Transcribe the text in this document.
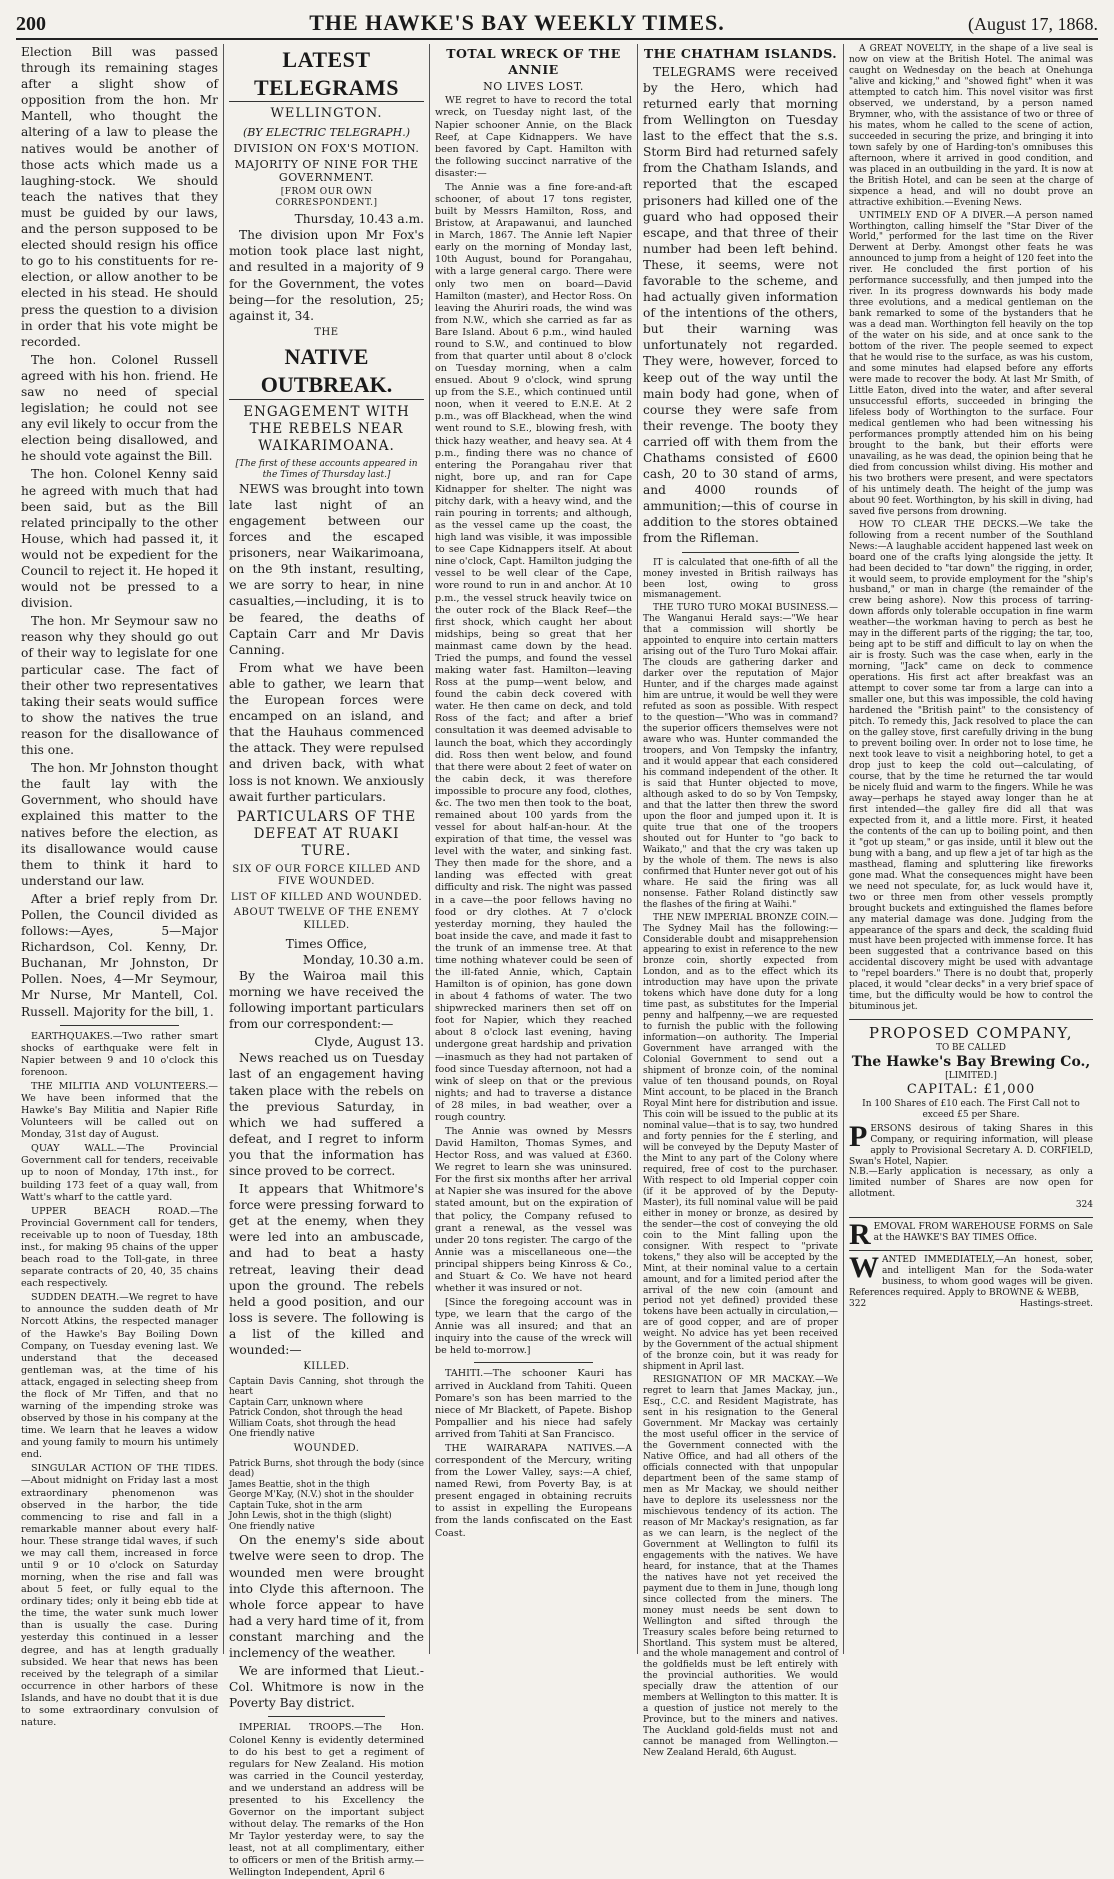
200	THE HAWKE'S BAY WEEKLY TIMES.	(August 17, 1868.

Election Bill was passed through its remaining stages after a slight show of opposition from the hon. Mr Mantell, who thought the altering of a law to please the natives would be another of those acts which made us a laughing-stock. We should teach the natives that they must be guided by our laws, and the person supposed to be elected should resign his office to go to his constituents for re-election, or allow another to be elected in his stead. He should press the question to a division in order that his vote might be recorded.

The hon. Colonel Russell agreed with his hon. friend. He saw no need of special legislation; he could not see any evil likely to occur from the election being disallowed, and he should vote against the Bill.

The hon. Colonel Kenny said he agreed with much that had been said, but as the Bill related principally to the other House, which had passed it, it would not be expedient for the Council to reject it. He hoped it would not be pressed to a division.

The hon. Mr Seymour saw no reason why they should go out of their way to legislate for one particular case. The fact of their other two representatives taking their seats would suffice to show the natives the true reason for the disallowance of this one.

The hon. Mr Johnston thought the fault lay with the Government, who should have explained this matter to the natives before the election, as its disallowance would cause them to think it hard to understand our law.

After a brief reply from Dr. Pollen, the Council divided as follows:—Ayes, 5—Major Richardson, Col. Kenny, Dr. Buchanan, Mr Johnston, Dr Pollen. Noes, 4—Mr Seymour, Mr Nurse, Mr Mantell, Col. Russell. Majority for the bill, 1.

EARTHQUAKES.—Two rather smart shocks of earthquake were felt in Napier between 9 and 10 o'clock this forenoon.

THE MILITIA AND VOLUNTEERS.—We have been informed that the Hawke's Bay Militia and Napier Rifle Volunteers will be called out on Monday, 31st day of August.

QUAY WALL.—The Provincial Government call for tenders, receivable up to noon of Monday, 17th inst., for building 173 feet of a quay wall, from Watt's wharf to the cattle yard.

UPPER BEACH ROAD.—The Provincial Government call for tenders, receivable up to noon of Tuesday, 18th inst., for making 95 chains of the upper beach road to the Toll-gate, in three separate contracts of 20, 40, 35 chains each respectively.

SUDDEN DEATH.—We regret to have to announce the sudden death of Mr Norcott Atkins, the respected manager of the Hawke's Bay Boiling Down Company, on Tuesday evening last. We understand that the deceased gentleman was, at the time of his attack, engaged in selecting sheep from the flock of Mr Tiffen, and that no warning of the impending stroke was observed by those in his company at the time. We learn that he leaves a widow and young family to mourn his untimely end.

SINGULAR ACTION OF THE TIDES.—About midnight on Friday last a most extraordinary phenomenon was observed in the harbor, the tide commencing to rise and fall in a remarkable manner about every half-hour. These strange tidal waves, if such we may call them, increased in force until 9 or 10 o'clock on Saturday morning, when the rise and fall was about 5 feet, or fully equal to the ordinary tides; only it being ebb tide at the time, the water sunk much lower than is usually the case. During yesterday this continued in a lesser degree, and has at length gradually subsided. We hear that news has been received by the telegraph of a similar occurrence in other harbors of these Islands, and have no doubt that it is due to some extraordinary convulsion of nature.

LATEST TELEGRAMS
WELLINGTON.
(BY ELECTRIC TELEGRAPH.)
DIVISION ON FOX'S MOTION.
MAJORITY OF NINE FOR THE GOVERNMENT.
[FROM OUR OWN CORRESPONDENT.]
Thursday, 10.43 a.m.

The division upon Mr Fox's motion took place last night, and resulted in a majority of 9 for the Government, the votes being—for the resolution, 25; against it, 34.

THE
NATIVE OUTBREAK.
ENGAGEMENT WITH THE REBELS NEAR WAIKARIMOANA.
[The first of these accounts appeared in the Times of Thursday last.]

NEWS was brought into town late last night of an engagement between our forces and the escaped prisoners, near Waikarimoana, on the 9th instant, resulting, we are sorry to hear, in nine casualties,—including, it is to be feared, the deaths of Captain Carr and Mr Davis Canning.

From what we have been able to gather, we learn that the European forces were encamped on an island, and that the Hauhaus commenced the attack. They were repulsed and driven back, with what loss is not known. We anxiously await further particulars.

PARTICULARS OF THE DEFEAT AT RUAKI TURE.
SIX OF OUR FORCE KILLED AND FIVE WOUNDED.
LIST OF KILLED AND WOUNDED.
ABOUT TWELVE OF THE ENEMY KILLED.
Times Office,
Monday, 10.30 a.m.

By the Wairoa mail this morning we have received the following important particulars from our correspondent:—

Clyde, August 13.

News reached us on Tuesday last of an engagement having taken place with the rebels on the previous Saturday, in which we had suffered a defeat, and I regret to inform you that the information has since proved to be correct.

It appears that Whitmore's force were pressing forward to get at the enemy, when they were led into an ambuscade, and had to beat a hasty retreat, leaving their dead upon the ground. The rebels held a good position, and our loss is severe. The following is a list of the killed and wounded:—

KILLED.
Captain Davis Canning, shot through the heart
Captain Carr, unknown where
Patrick Condon, shot through the head
William Coats, shot through the head
One friendly native
WOUNDED.
Patrick Burns, shot through the body (since dead)
James Beattie, shot in the thigh
George M'Kay, (N.V.) shot in the shoulder
Captain Tuke, shot in the arm
John Lewis, shot in the thigh (slight)
One friendly native

On the enemy's side about twelve were seen to drop. The wounded men were brought into Clyde this afternoon. The whole force appear to have had a very hard time of it, from constant marching and the inclemency of the weather.

We are informed that Lieut.-Col. Whitmore is now in the Poverty Bay district.

IMPERIAL TROOPS.—The Hon. Colonel Kenny is evidently determined to do his best to get a regiment of regulars for New Zealand. His motion was carried in the Council yesterday, and we understand an address will be presented to his Excellency the Governor on the important subject without delay. The remarks of the Hon Mr Taylor yesterday were, to say the least, not at all complimentary, either to officers or men of the British army.—Wellington Independent, April 6

TOTAL WRECK OF THE ANNIE
NO LIVES LOST.

WE regret to have to record the total wreck, on Tuesday night last, of the Napier schooner Annie, on the Black Reef, at Cape Kidnappers. We have been favored by Capt. Hamilton with the following succinct narrative of the disaster:—

The Annie was a fine fore-and-aft schooner, of about 17 tons register, built by Messrs Hamilton, Ross, and Bristow, at Arapawanui, and launched in March, 1867. The Annie left Napier early on the morning of Monday last, 10th August, bound for Porangahau, with a large general cargo. There were only two men on board—David Hamilton (master), and Hector Ross. On leaving the Ahuriri roads, the wind was from N.W., which she carried as far as Bare Island. About 6 p.m., wind hauled round to S.W., and continued to blow from that quarter until about 8 o'clock on Tuesday morning, when a calm ensued. About 9 o'clock, wind sprung up from the S.E., which continued until noon, when it veered to E.N.E. At 2 p.m., was off Blackhead, when the wind went round to S.E., blowing fresh, with thick hazy weather, and heavy sea. At 4 p.m., finding there was no chance of entering the Porangahau river that night, bore up, and ran for Cape Kidnapper for shelter. The night was pitchy dark, with a heavy wind, and the rain pouring in torrents; and although, as the vessel came up the coast, the high land was visible, it was impossible to see Cape Kidnappers itself. At about nine o'clock, Capt. Hamilton judging the vessel to be well clear of the Cape, wore round to run in and anchor. At 10 p.m., the vessel struck heavily twice on the outer rock of the Black Reef—the first shock, which caught her about midships, being so great that her mainmast came down by the head. Tried the pumps, and found the vessel making water fast. Hamilton—leaving Ross at the pump—went below, and found the cabin deck covered with water. He then came on deck, and told Ross of the fact; and after a brief consultation it was deemed advisable to launch the boat, which they accordingly did. Ross then went below, and found that there were about 2 feet of water on the cabin deck, it was therefore impossible to procure any food, clothes, &c. The two men then took to the boat, remained about 100 yards from the vessel for about half-an-hour. At the expiration of that time, the vessel was level with the water, and sinking fast. They then made for the shore, and a landing was effected with great difficulty and risk. The night was passed in a cave—the poor fellows having no food or dry clothes. At 7 o'clock yesterday morning, they hauled the boat inside the cave, and made it fast to the trunk of an immense tree. At that time nothing whatever could be seen of the ill-fated Annie, which, Captain Hamilton is of opinion, has gone down in about 4 fathoms of water. The two shipwrecked mariners then set off on foot for Napier, which they reached about 8 o'clock last evening, having undergone great hardship and privation—inasmuch as they had not partaken of food since Tuesday afternoon, not had a wink of sleep on that or the previous nights; and had to traverse a distance of 28 miles, in bad weather, over a rough country.

The Annie was owned by Messrs David Hamilton, Thomas Symes, and Hector Ross, and was valued at £360. We regret to learn she was uninsured. For the first six months after her arrival at Napier she was insured for the above stated amount, but on the expiration of that policy, the Company refused to grant a renewal, as the vessel was under 20 tons register. The cargo of the Annie was a miscellaneous one—the principal shippers being Kinross & Co., and Stuart & Co. We have not heard whether it was insured or not.

[Since the foregoing account was in type, we learn that the cargo of the Annie was all insured; and that an inquiry into the cause of the wreck will be held to-morrow.]

TAHITI.—The schooner Kauri has arrived in Auckland from Tahiti. Queen Pomare's son has been married to the niece of Mr Blackett, of Papete. Bishop Pompallier and his niece had safely arrived from Tahiti at San Francisco.

THE WAIRARAPA NATIVES.—A correspondent of the Mercury, writing from the Lower Valley, says:—A chief, named Rewi, from Poverty Bay, is at present engaged in obtaining recruits to assist in expelling the Europeans from the lands confiscated on the East Coast.

THE CHATHAM ISLANDS.

TELEGRAMS were received by the Hero, which had returned early that morning from Wellington on Tuesday last to the effect that the s.s. Storm Bird had returned safely from the Chatham Islands, and reported that the escaped prisoners had killed one of the guard who had opposed their escape, and that three of their number had been left behind. These, it seems, were not favorable to the scheme, and had actually given information of the intentions of the others, but their warning was unfortunately not regarded. They were, however, forced to keep out of the way until the main body had gone, when of course they were safe from their revenge. The booty they carried off with them from the Chathams consisted of £600 cash, 20 to 30 stand of arms, and 4000 rounds of ammunition;—this of course in addition to the stores obtained from the Rifleman.

IT is calculated that one-fifth of all the money invested in British railways has been lost, owing to gross mismanagement.

THE TURO TURO MOKAI BUSINESS.—The Wanganui Herald says:—"We hear that a commission will shortly be appointed to enquire into certain matters arising out of the Turo Turo Mokai affair. The clouds are gathering darker and darker over the reputation of Major Hunter, and if the charges made against him are untrue, it would be well they were refuted as soon as possible. With respect to the question—"Who was in command? the superior officers themselves were not aware who was. Hunter commanded the troopers, and Von Tempsky the infantry, and it would appear that each considered his command independent of the other. It is said that Hunter objected to move, although asked to do so by Von Tempsky, and that the latter then threw the sword upon the floor and jumped upon it. It is quite true that one of the troopers shouted out for Hunter to "go back to Waikato," and that the cry was taken up by the whole of them. The news is also confirmed that Hunter never got out of his whare. He said the firing was all nonsense. Father Roland distinctly saw the flashes of the firing at Waihi."

THE NEW IMPERIAL BRONZE COIN.—The Sydney Mail has the following:—Considerable doubt and misapprehension appearing to exist in reference to the new bronze coin, shortly expected from London, and as to the effect which its introduction may have upon the private tokens which have done duty for a long time past, as substitutes for the Imperial penny and halfpenny,—we are requested to furnish the public with the following information—on authority. The Imperial Government have arranged with the Colonial Government to send out a shipment of bronze coin, of the nominal value of ten thousand pounds, on Royal Mint account, to be placed in the Branch Royal Mint here for distribution and issue. This coin will be issued to the public at its nominal value—that is to say, two hundred and forty pennies for the £ sterling, and will be conveyed by the Deputy Master of the Mint to any part of the Colony where required, free of cost to the purchaser. With respect to old Imperial copper coin (if it be approved of by the Deputy-Master), its full nominal value will be paid either in money or bronze, as desired by the sender—the cost of conveying the old coin to the Mint falling upon the consigner. With respect to "private tokens," they also will be accepted by the Mint, at their nominal value to a certain amount, and for a limited period after the arrival of the new coin (amount and period not yet defined) provided these tokens have been actually in circulation,—are of good copper, and are of proper weight. No advice has yet been received by the Government of the actual shipment of the bronze coin, but it was ready for shipment in April last.

RESIGNATION OF MR MACKAY.—We regret to learn that James Mackay, jun., Esq., C.C. and Resident Magistrate, has sent in his resignation to the General Government. Mr Mackay was certainly the most useful officer in the service of the Government connected with the Native Office, and had all others of the officials connected with that unpopular department been of the same stamp of men as Mr Mackay, we should neither have to deplore its uselessness nor the mischievous tendency of its action. The reason of Mr Mackay's resignation, as far as we can learn, is the neglect of the Government at Wellington to fulfil its engagements with the natives. We have heard, for instance, that at the Thames the natives have not yet received the payment due to them in June, though long since collected from the miners. The money must needs be sent down to Wellington and sifted through the Treasury scales before being returned to Shortland. This system must be altered, and the whole management and control of the goldfields must be left entirely with the provincial authorities. We would specially draw the attention of our members at Wellington to this matter. It is a question of justice not merely to the Province, but to the miners and natives. The Auckland gold-fields must not and cannot be managed from Wellington.—New Zealand Herald, 6th August.

A GREAT NOVELTY, in the shape of a live seal is now on view at the British Hotel. The animal was caught on Wednesday on the beach at Onehunga "alive and kicking," and "showed fight" when it was attempted to catch him. This novel visitor was first observed, we understand, by a person named Brymner, who, with the assistance of two or three of his mates, whom he called to the scene of action, succeeded in securing the prize, and bringing it into town safely by one of Harding-ton's omnibuses this afternoon, where it arrived in good condition, and was placed in an outbuilding in the yard. It is now at the British Hotel, and can be seen at the charge of sixpence a head, and will no doubt prove an attractive exhibition.—Evening News.

UNTIMELY END OF A DIVER.—A person named Worthington, calling himself the "Star Diver of the World," performed for the last time on the River Derwent at Derby. Amongst other feats he was announced to jump from a height of 120 feet into the river. He concluded the first portion of his performance successfully, and then jumped into the river. In its progress downwards his body made three evolutions, and a medical gentleman on the bank remarked to some of the bystanders that he was a dead man. Worthington fell heavily on the top of the water on his side, and at once sank to the bottom of the river. The people seemed to expect that he would rise to the surface, as was his custom, and some minutes had elapsed before any efforts were made to recover the body. At last Mr Smith, of Little Eaton, dived into the water, and after several unsuccessful efforts, succeeded in bringing the lifeless body of Worthington to the surface. Four medical gentlemen who had been witnessing his performances promptly attended him on his being brought to the bank, but their efforts were unavailing, as he was dead, the opinion being that he died from concussion whilst diving. His mother and his two brothers were present, and were spectators of his untimely death. The height of the jump was about 90 feet. Worthington, by his skill in diving, had saved five persons from drowning.

HOW TO CLEAR THE DECKS.—We take the following from a recent number of the Southland News:—A laughable accident happened last week on board one of the crafts lying alongside the jetty. It had been decided to "tar down" the rigging, in order, it would seem, to provide employment for the "ship's husband," or man in charge (the remainder of the crew being ashore). Now this process of tarring-down affords only tolerable occupation in fine warm weather—the workman having to perch as best he may in the different parts of the rigging; the tar, too, being apt to be stiff and difficult to lay on when the air is frosty. Such was the case when, early in the morning, "Jack" came on deck to commence operations. His first act after breakfast was an attempt to cover some tar from a large can into a smaller one, but this was impossible, the cold having hardened the "British paint" to the consistency of pitch. To remedy this, Jack resolved to place the can on the galley stove, first carefully driving in the bung to prevent boiling over. In order not to lose time, he next took leave to visit a neighboring hotel, to get a drop just to keep the cold out—calculating, of course, that by the time he returned the tar would be nicely fluid and warm to the fingers. While he was away—perhaps he stayed away longer than he at first intended—the galley fire did all that was expected from it, and a little more. First, it heated the contents of the can up to boiling point, and then it "got up steam," or gas inside, until it blew out the bung with a bang, and up flew a jet of tar high as the masthead, flaming and spluttering like fireworks gone mad. What the consequences might have been we need not speculate, for, as luck would have it, two or three men from other vessels promptly brought buckets and extinguished the flames before any material damage was done. Judging from the appearance of the spars and deck, the scalding fluid must have been projected with immense force. It has been suggested that a contrivance based on this accidental discovery might be used with advantage to "repel boarders." There is no doubt that, properly placed, it would "clear decks" in a very brief space of time, but the difficulty would be how to control the bituminous jet.

PROPOSED COMPANY,
TO BE CALLED
The Hawke's Bay Brewing Co.,
[LIMITED.]
CAPITAL: £1,000
In 100 Shares of £10 each. The First Call not to exceed £5 per Share.
PERSONS desirous of taking Shares in this Company, or requiring information, will please apply to Provisional Secretary A. D. CORFIELD, Swan's Hotel, Napier.
N.B.—Early application is necessary, as only a limited number of Shares are now open for allotment.
324
REMOVAL FROM WAREHOUSE FORMS on Sale at the HAWKE'S BAY TIMES Office.
WANTED IMMEDIATELY,—An honest, sober, and intelligent Man for the Soda-water business, to whom good wages will be given. References required. Apply to BROWNE & WEBB,
322	Hastings-street.
